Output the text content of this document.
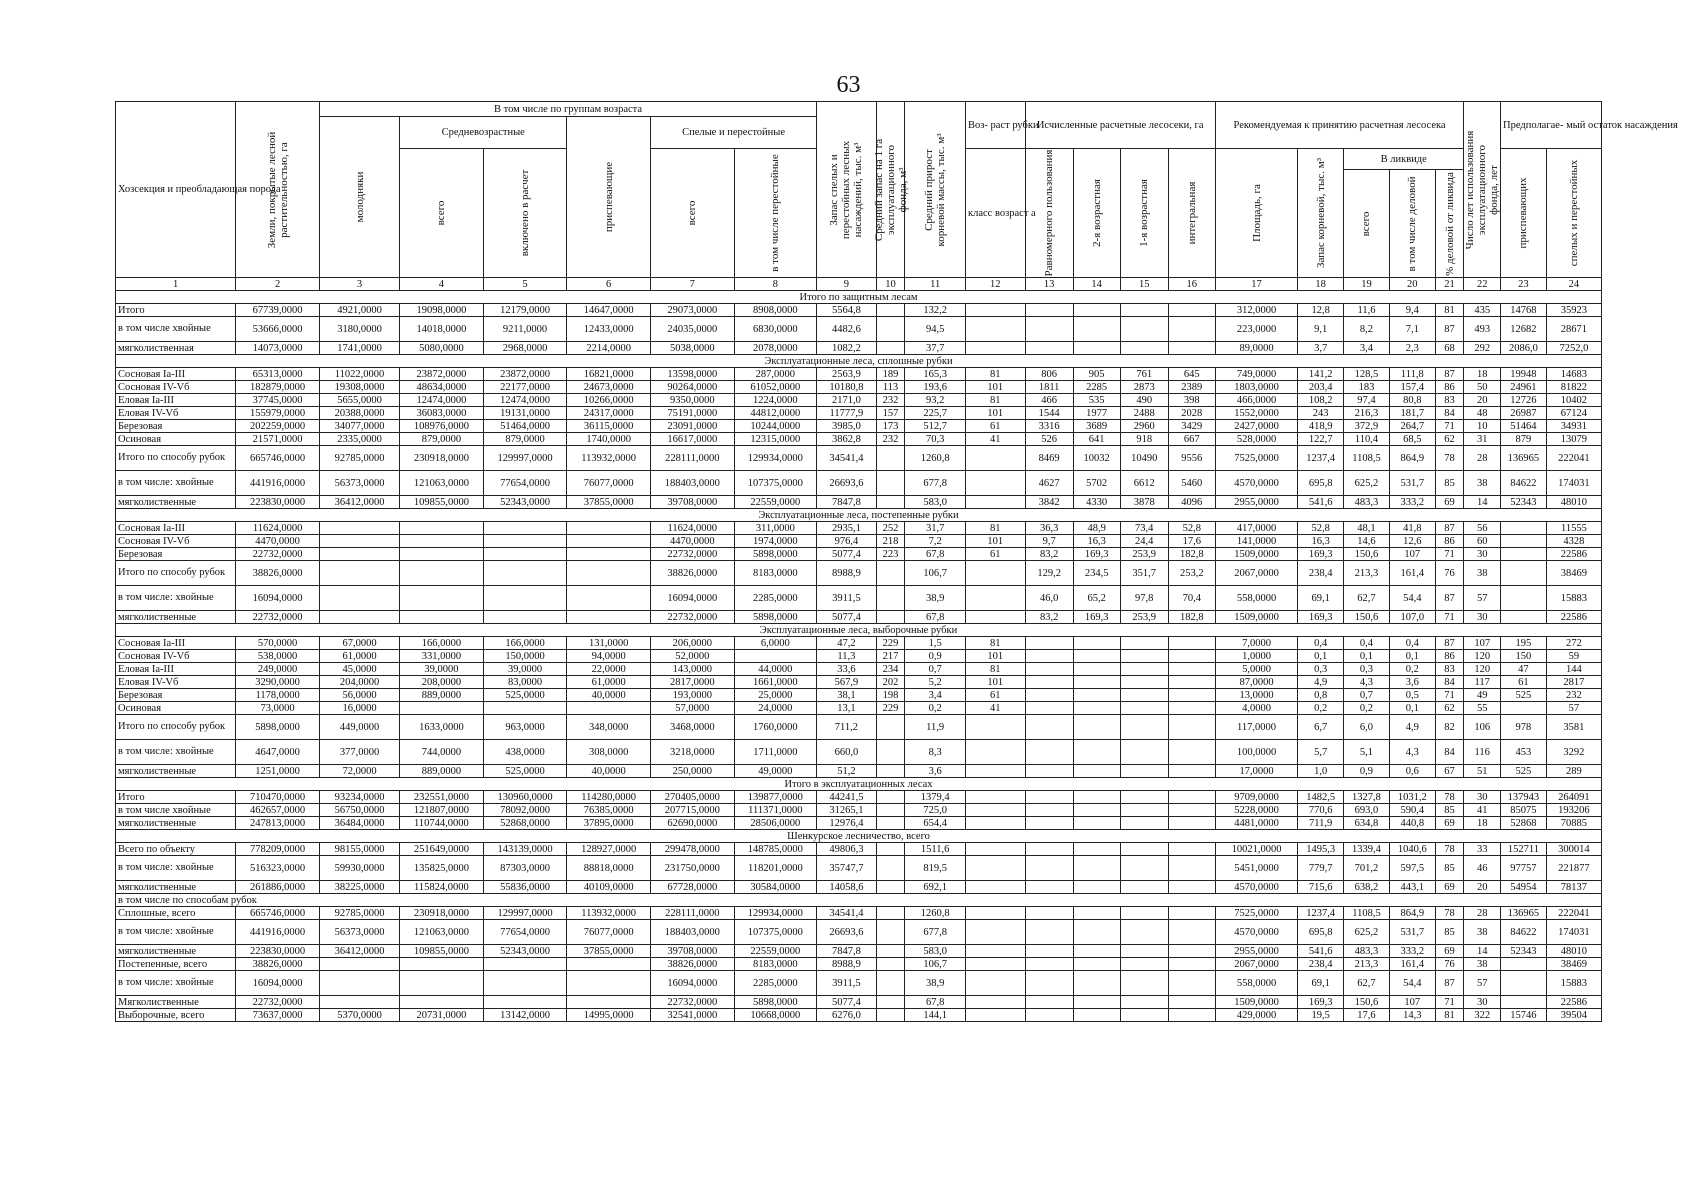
63
Хозсекция и преобладающая порода	Земли, покрытые лесной растительностью, га	В том числе по группам возраста						Запас спелых и перестойных лесных насаждений, тыс. м³	Средний запас на 1 га эксплуатационного фонда, м³	Средний прирост корневой массы, тыс. м³	Воз- раст рубки	Исчисленные расчетные лесосеки, га				Рекомендуемая к принятию расчетная лесосека					Число лет использования эксплуатационного фонда, лет	Предполагае- мый остаток насаждения	

		молодняки	Средневозрастные		приспевающие	Спелые и перестойные																	

			всего	включено в расчет		всего	в том числе перестойные				класс возраст а	Равномерного пользования	2-я возрастная	1-я возрастная	интегральная	Площадь, га	Запас корневой, тыс. м³	В ликвиде				приспевающих	спелых и перестойных

																		всего	в том числе деловой	% деловой от ликвида			

1	2	3	4	5	6	7	8	9	10	11	12	13	14	15	16	17	18	19	20	21	22	23	24
Итого по защитным лесам																							
Итого	67739,0000	4921,0000	19098,0000	12179,0000	14647,0000	29073,0000	8908,0000	5564,8		132,2						312,0000	12,8	11,6	9,4	81	435	14768	35923
в том числе хвойные	53666,0000	3180,0000	14018,0000	9211,0000	12433,0000	24035,0000	6830,0000	4482,6		94,5						223,0000	9,1	8,2	7,1	87	493	12682	28671
мягколиственная	14073,0000	1741,0000	5080,0000	2968,0000	2214,0000	5038,0000	2078,0000	1082,2		37,7						89,0000	3,7	3,4	2,3	68	292	2086,0	7252,0
Эксплуатационные леса, сплошные рубки																							
Сосновая Ia-III	65313,0000	11022,0000	23872,0000	23872,0000	16821,0000	13598,0000	287,0000	2563,9	189	165,3	81	806	905	761	645	749,0000	141,2	128,5	111,8	87	18	19948	14683
Сосновая IV-Vб	182879,0000	19308,0000	48634,0000	22177,0000	24673,0000	90264,0000	61052,0000	10180,8	113	193,6	101	1811	2285	2873	2389	1803,0000	203,4	183	157,4	86	50	24961	81822
Еловая Ia-III	37745,0000	5655,0000	12474,0000	12474,0000	10266,0000	9350,0000	1224,0000	2171,0	232	93,2	81	466	535	490	398	466,0000	108,2	97,4	80,8	83	20	12726	10402
Еловая IV-Vб	155979,0000	20388,0000	36083,0000	19131,0000	24317,0000	75191,0000	44812,0000	11777,9	157	225,7	101	1544	1977	2488	2028	1552,0000	243	216,3	181,7	84	48	26987	67124
Березовая	202259,0000	34077,0000	108976,0000	51464,0000	36115,0000	23091,0000	10244,0000	3985,0	173	512,7	61	3316	3689	2960	3429	2427,0000	418,9	372,9	264,7	71	10	51464	34931
Осиновая	21571,0000	2335,0000	879,0000	879,0000	1740,0000	16617,0000	12315,0000	3862,8	232	70,3	41	526	641	918	667	528,0000	122,7	110,4	68,5	62	31	879	13079
Итого по способу рубок	665746,0000	92785,0000	230918,0000	129997,0000	113932,0000	228111,0000	129934,0000	34541,4		1260,8		8469	10032	10490	9556	7525,0000	1237,4	1108,5	864,9	78	28	136965	222041
в том числе: хвойные	441916,0000	56373,0000	121063,0000	77654,0000	76077,0000	188403,0000	107375,0000	26693,6		677,8		4627	5702	6612	5460	4570,0000	695,8	625,2	531,7	85	38	84622	174031
мягколиственные	223830,0000	36412,0000	109855,0000	52343,0000	37855,0000	39708,0000	22559,0000	7847,8		583,0		3842	4330	3878	4096	2955,0000	541,6	483,3	333,2	69	14	52343	48010
Эксплуатационные леса, постепенные рубки																							
Сосновая Ia-III	11624,0000					11624,0000	311,0000	2935,1	252	31,7	81	36,3	48,9	73,4	52,8	417,0000	52,8	48,1	41,8	87	56		11555
Сосновая IV-Vб	4470,0000					4470,0000	1974,0000	976,4	218	7,2	101	9,7	16,3	24,4	17,6	141,0000	16,3	14,6	12,6	86	60		4328
Березовая	22732,0000					22732,0000	5898,0000	5077,4	223	67,8	61	83,2	169,3	253,9	182,8	1509,0000	169,3	150,6	107	71	30		22586
Итого по способу рубок	38826,0000					38826,0000	8183,0000	8988,9		106,7		129,2	234,5	351,7	253,2	2067,0000	238,4	213,3	161,4	76	38		38469
в том числе: хвойные	16094,0000					16094,0000	2285,0000	3911,5		38,9		46,0	65,2	97,8	70,4	558,0000	69,1	62,7	54,4	87	57		15883
мягколиственные	22732,0000					22732,0000	5898,0000	5077,4		67,8		83,2	169,3	253,9	182,8	1509,0000	169,3	150,6	107,0	71	30		22586
Эксплуатационные леса, выборочные рубки																							
Сосновая Ia-III	570,0000	67,0000	166,0000	166,0000	131,0000	206,0000	6,0000	47,2	229	1,5	81					7,0000	0,4	0,4	0,4	87	107	195	272
Сосновая IV-Vб	538,0000	61,0000	331,0000	150,0000	94,0000	52,0000		11,3	217	0,9	101					1,0000	0,1	0,1	0,1	86	120	150	59
Еловая Ia-III	249,0000	45,0000	39,0000	39,0000	22,0000	143,0000	44,0000	33,6	234	0,7	81					5,0000	0,3	0,3	0,2	83	120	47	144
Еловая IV-Vб	3290,0000	204,0000	208,0000	83,0000	61,0000	2817,0000	1661,0000	567,9	202	5,2	101					87,0000	4,9	4,3	3,6	84	117	61	2817
Березовая	1178,0000	56,0000	889,0000	525,0000	40,0000	193,0000	25,0000	38,1	198	3,4	61					13,0000	0,8	0,7	0,5	71	49	525	232
Осиновая	73,0000	16,0000				57,0000	24,0000	13,1	229	0,2	41					4,0000	0,2	0,2	0,1	62	55		57
Итого по способу рубок	5898,0000	449,0000	1633,0000	963,0000	348,0000	3468,0000	1760,0000	711,2		11,9						117,0000	6,7	6,0	4,9	82	106	978	3581
в том числе: хвойные	4647,0000	377,0000	744,0000	438,0000	308,0000	3218,0000	1711,0000	660,0		8,3						100,0000	5,7	5,1	4,3	84	116	453	3292
мягколиственные	1251,0000	72,0000	889,0000	525,0000	40,0000	250,0000	49,0000	51,2		3,6						17,0000	1,0	0,9	0,6	67	51	525	289
Итого в эксплуатационных лесах																							
Итого	710470,0000	93234,0000	232551,0000	130960,0000	114280,0000	270405,0000	139877,0000	44241,5		1379,4						9709,0000	1482,5	1327,8	1031,2	78	30	137943	264091
в том числе хвойные	462657,0000	56750,0000	121807,0000	78092,0000	76385,0000	207715,0000	111371,0000	31265,1		725,0						5228,0000	770,6	693,0	590,4	85	41	85075	193206
мягколиственные	247813,0000	36484,0000	110744,0000	52868,0000	37895,0000	62690,0000	28506,0000	12976,4		654,4						4481,0000	711,9	634,8	440,8	69	18	52868	70885
Шенкурское лесничество, всего																							
Всего по объекту	778209,0000	98155,0000	251649,0000	143139,0000	128927,0000	299478,0000	148785,0000	49806,3		1511,6						10021,0000	1495,3	1339,4	1040,6	78	33	152711	300014
в том числе: хвойные	516323,0000	59930,0000	135825,0000	87303,0000	88818,0000	231750,0000	118201,0000	35747,7		819,5						5451,0000	779,7	701,2	597,5	85	46	97757	221877
мягколиственные	261886,0000	38225,0000	115824,0000	55836,0000	40109,0000	67728,0000	30584,0000	14058,6		692,1						4570,0000	715,6	638,2	443,1	69	20	54954	78137
в том числе по способам рубок																							
Сплошные, всего	665746,0000	92785,0000	230918,0000	129997,0000	113932,0000	228111,0000	129934,0000	34541,4		1260,8						7525,0000	1237,4	1108,5	864,9	78	28	136965	222041
в том числе: хвойные	441916,0000	56373,0000	121063,0000	77654,0000	76077,0000	188403,0000	107375,0000	26693,6		677,8						4570,0000	695,8	625,2	531,7	85	38	84622	174031
мягколиственные	223830,0000	36412,0000	109855,0000	52343,0000	37855,0000	39708,0000	22559,0000	7847,8		583,0						2955,0000	541,6	483,3	333,2	69	14	52343	48010
Постепенные, всего	38826,0000					38826,0000	8183,0000	8988,9		106,7						2067,0000	238,4	213,3	161,4	76	38		38469
в том числе: хвойные	16094,0000					16094,0000	2285,0000	3911,5		38,9						558,0000	69,1	62,7	54,4	87	57		15883
Мягколиственные	22732,0000					22732,0000	5898,0000	5077,4		67,8						1509,0000	169,3	150,6	107	71	30		22586
Выборочные, всего	73637,0000	5370,0000	20731,0000	13142,0000	14995,0000	32541,0000	10668,0000	6276,0		144,1						429,0000	19,5	17,6	14,3	81	322	15746	39504
